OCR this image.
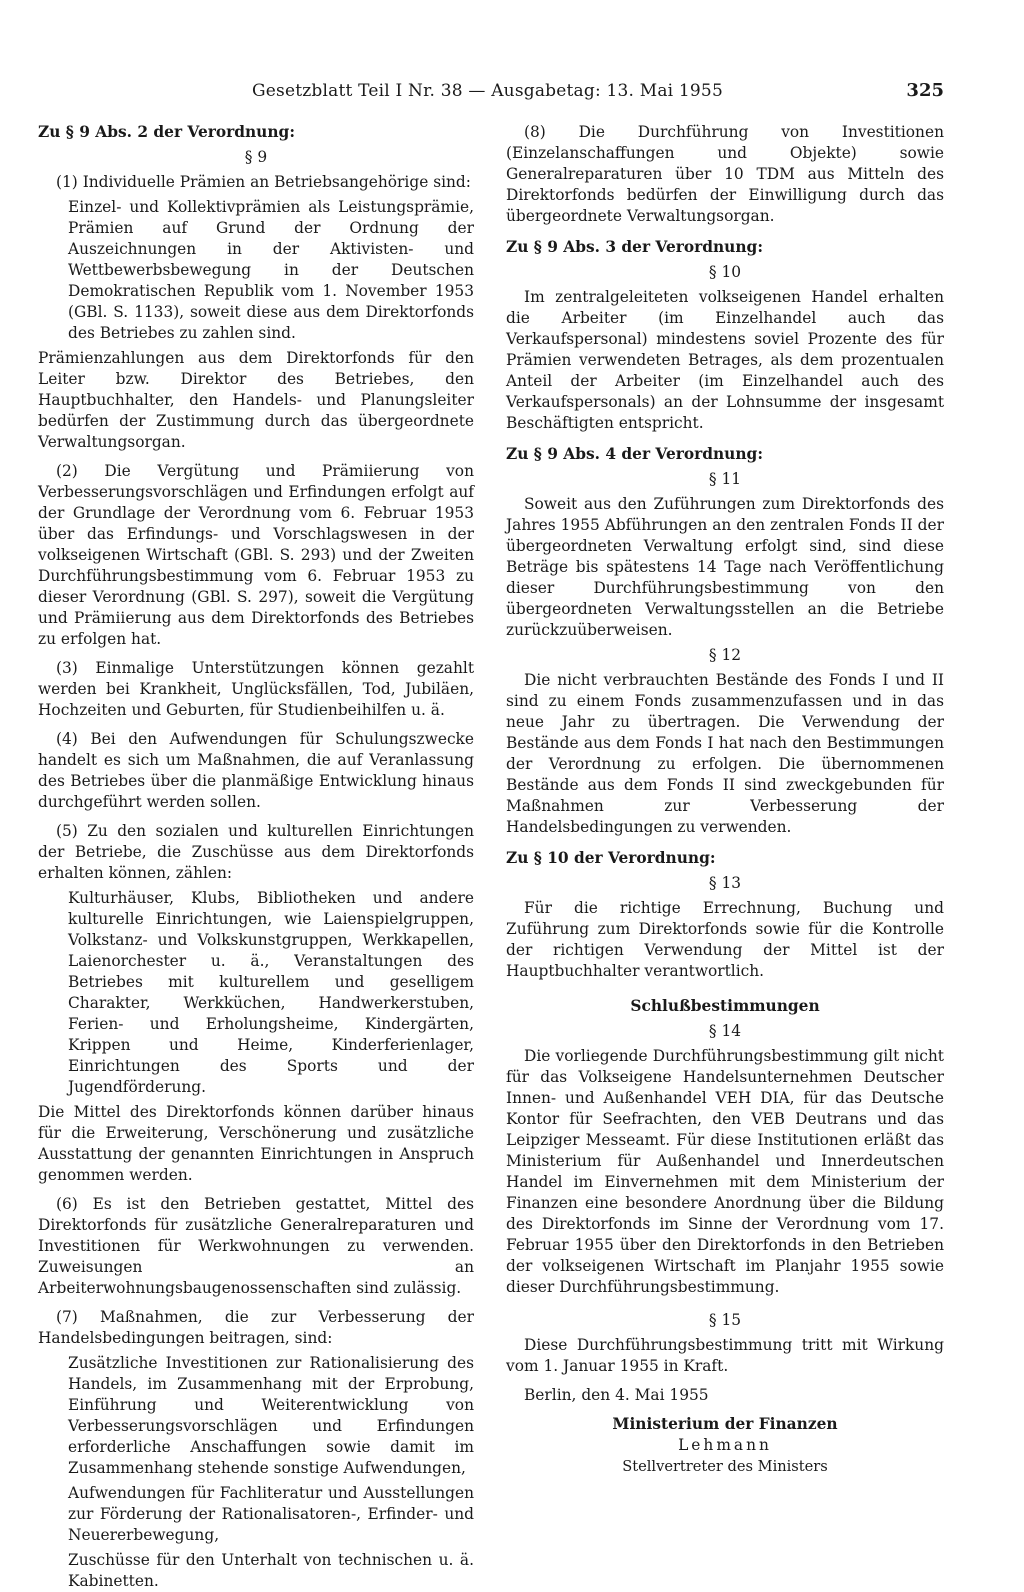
Gesetzblatt Teil I Nr. 38 — Ausgabetag: 13. Mai 1955	325
Zu § 9 Abs. 2 der Verordnung:
§ 9

(1) Individuelle Prämien an Betriebsangehörige sind:

Einzel- und Kollektivprämien als Leistungsprämie, Prämien auf Grund der Ordnung der Auszeichnungen in der Aktivisten- und Wettbewerbsbewegung in der Deutschen Demokratischen Republik vom 1. November 1953 (GBl. S. 1133), soweit diese aus dem Direktorfonds des Betriebes zu zahlen sind.

Prämienzahlungen aus dem Direktorfonds für den Leiter bzw. Direktor des Betriebes, den Hauptbuchhalter, den Handels- und Planungsleiter bedürfen der Zustimmung durch das übergeordnete Verwaltungsorgan.

(2) Die Vergütung und Prämiierung von Verbesserungsvorschlägen und Erfindungen erfolgt auf der Grundlage der Verordnung vom 6. Februar 1953 über das Erfindungs- und Vorschlagswesen in der volkseigenen Wirtschaft (GBl. S. 293) und der Zweiten Durchführungsbestimmung vom 6. Februar 1953 zu dieser Verordnung (GBl. S. 297), soweit die Vergütung und Prämiierung aus dem Direktorfonds des Betriebes zu erfolgen hat.

(3) Einmalige Unterstützungen können gezahlt werden bei Krankheit, Unglücksfällen, Tod, Jubiläen, Hochzeiten und Geburten, für Studienbeihilfen u. ä.

(4) Bei den Aufwendungen für Schulungszwecke handelt es sich um Maßnahmen, die auf Veranlassung des Betriebes über die planmäßige Entwicklung hinaus durchgeführt werden sollen.

(5) Zu den sozialen und kulturellen Einrichtungen der Betriebe, die Zuschüsse aus dem Direktorfonds erhalten können, zählen:

Kulturhäuser, Klubs, Bibliotheken und andere kulturelle Einrichtungen, wie Laienspielgruppen, Volkstanz- und Volkskunstgruppen, Werkkapellen, Laienorchester u. ä., Veranstaltungen des Betriebes mit kulturellem und geselligem Charakter, Werkküchen, Handwerkerstuben, Ferien- und Erholungsheime, Kindergärten, Krippen und Heime, Kinderferienlager, Einrichtungen des Sports und der Jugendförderung.

Die Mittel des Direktorfonds können darüber hinaus für die Erweiterung, Verschönerung und zusätzliche Ausstattung der genannten Einrichtungen in Anspruch genommen werden.

(6) Es ist den Betrieben gestattet, Mittel des Direktorfonds für zusätzliche Generalreparaturen und Investitionen für Werkwohnungen zu verwenden. Zuweisungen an Arbeiterwohnungsbaugenossenschaften sind zulässig.

(7) Maßnahmen, die zur Verbesserung der Handelsbedingungen beitragen, sind:

Zusätzliche Investitionen zur Rationalisierung des Handels, im Zusammenhang mit der Erprobung, Einführung und Weiterentwicklung von Verbesserungsvorschlägen und Erfindungen erforderliche Anschaffungen sowie damit im Zusammenhang stehende sonstige Aufwendungen,

Aufwendungen für Fachliteratur und Ausstellungen zur Förderung der Rationalisatoren-, Erfinder- und Neuererbewegung,

Zuschüsse für den Unterhalt von technischen u. ä. Kabinetten.

(8) Die Durchführung von Investitionen (Einzelanschaffungen und Objekte) sowie Generalreparaturen über 10 TDM aus Mitteln des Direktorfonds bedürfen der Einwilligung durch das übergeordnete Verwaltungsorgan.

Zu § 9 Abs. 3 der Verordnung:
§ 10

Im zentralgeleiteten volkseigenen Handel erhalten die Arbeiter (im Einzelhandel auch das Verkaufspersonal) mindestens soviel Prozente des für Prämien verwendeten Betrages, als dem prozentualen Anteil der Arbeiter (im Einzelhandel auch des Verkaufspersonals) an der Lohnsumme der insgesamt Beschäftigten entspricht.

Zu § 9 Abs. 4 der Verordnung:
§ 11

Soweit aus den Zuführungen zum Direktorfonds des Jahres 1955 Abführungen an den zentralen Fonds II der übergeordneten Verwaltung erfolgt sind, sind diese Beträge bis spätestens 14 Tage nach Veröffentlichung dieser Durchführungsbestimmung von den übergeordneten Verwaltungsstellen an die Betriebe zurückzuüberweisen.

§ 12

Die nicht verbrauchten Bestände des Fonds I und II sind zu einem Fonds zusammenzufassen und in das neue Jahr zu übertragen. Die Verwendung der Bestände aus dem Fonds I hat nach den Bestimmungen der Verordnung zu erfolgen. Die übernommenen Bestände aus dem Fonds II sind zweckgebunden für Maßnahmen zur Verbesserung der Handelsbedingungen zu verwenden.

Zu § 10 der Verordnung:
§ 13

Für die richtige Errechnung, Buchung und Zuführung zum Direktorfonds sowie für die Kontrolle der richtigen Verwendung der Mittel ist der Hauptbuchhalter verantwortlich.

Schlußbestimmungen
§ 14

Die vorliegende Durchführungsbestimmung gilt nicht für das Volkseigene Handelsunternehmen Deutscher Innen- und Außenhandel VEH DIA, für das Deutsche Kontor für Seefrachten, den VEB Deutrans und das Leipziger Messeamt. Für diese Institutionen erläßt das Ministerium für Außenhandel und Innerdeutschen Handel im Einvernehmen mit dem Ministerium der Finanzen eine besondere Anordnung über die Bildung des Direktorfonds im Sinne der Verordnung vom 17. Februar 1955 über den Direktorfonds in den Betrieben der volkseigenen Wirtschaft im Planjahr 1955 sowie dieser Durchführungsbestimmung.

§ 15

Diese Durchführungsbestimmung tritt mit Wirkung vom 1. Januar 1955 in Kraft.

Berlin, den 4. Mai 1955

Ministerium der Finanzen
Lehmann
Stellvertreter des Ministers
